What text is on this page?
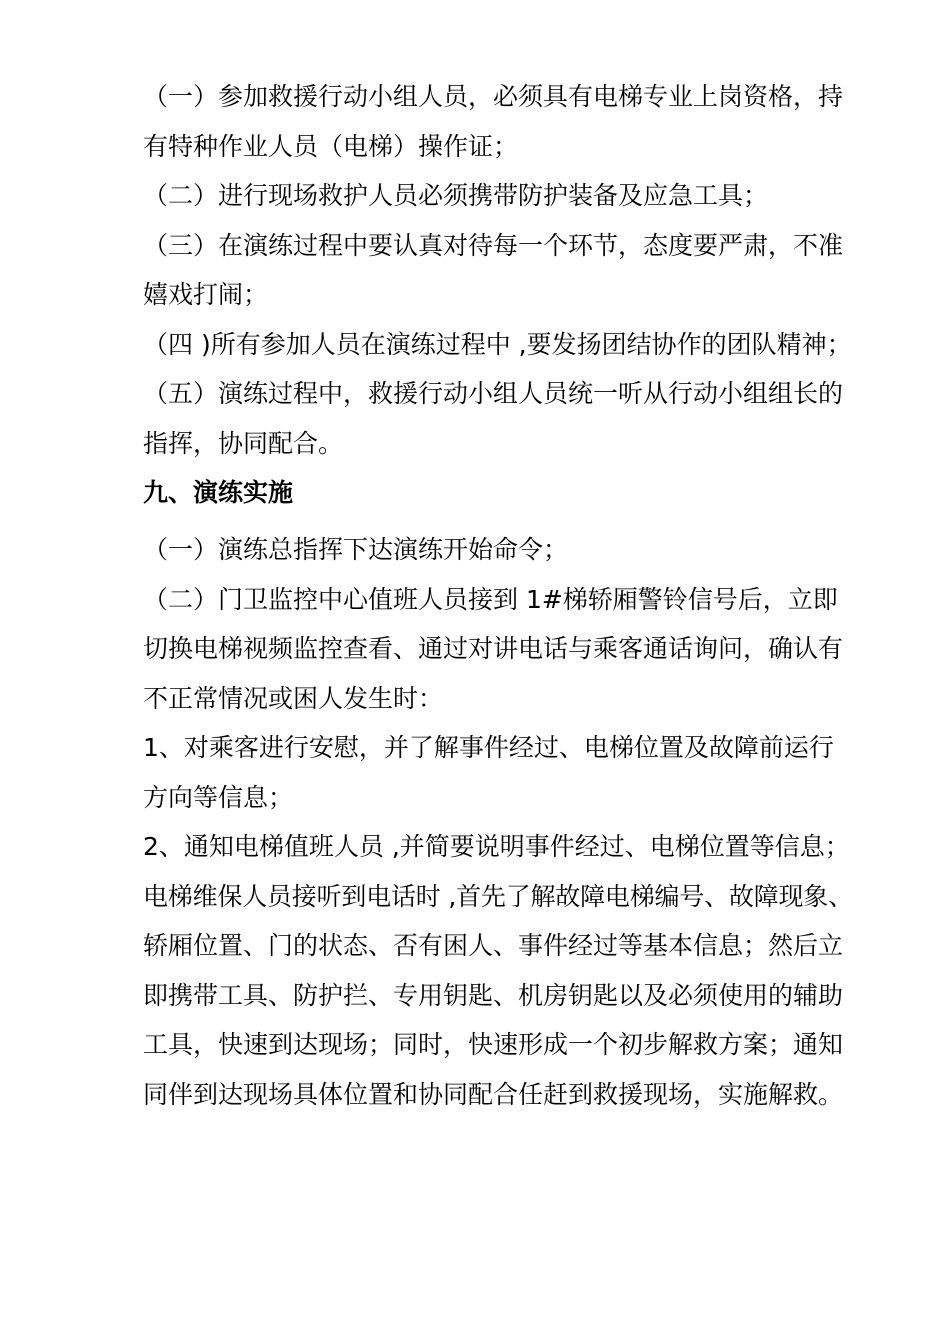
（一）参加救援行动小组人员，必须具有电梯专业上岗资格，持
有特种作业人员（电梯）操作证；
（二）进行现场救护人员必须携带防护装备及应急工具；
（三）在演练过程中要认真对待每一个环节，态度要严肃，不准
嬉戏打闹；
（四 )所有参加人员在演练过程中 ,要发扬团结协作的团队精神；
（五）演练过程中，救援行动小组人员统一听从行动小组组长的
指挥，协同配合。
九、演练实施
（一）演练总指挥下达演练开始命令；
（二）门卫监控中心值班人员接到 1#梯轿厢警铃信号后，立即
切换电梯视频监控查看、通过对讲电话与乘客通话询问，确认有
不正常情况或困人发生时：
1、对乘客进行安慰，并了解事件经过、电梯位置及故障前运行
方向等信息；
2、通知电梯值班人员 ,并简要说明事件经过、电梯位置等信息；
电梯维保人员接听到电话时 ,首先了解故障电梯编号、故障现象、
轿厢位置、门的状态、否有困人、事件经过等基本信息；然后立
即携带工具、防护拦、专用钥匙、机房钥匙以及必须使用的辅助
工具，快速到达现场；同时，快速形成一个初步解救方案；通知
同伴到达现场具体位置和协同配合任赶到救援现场，实施解救。
